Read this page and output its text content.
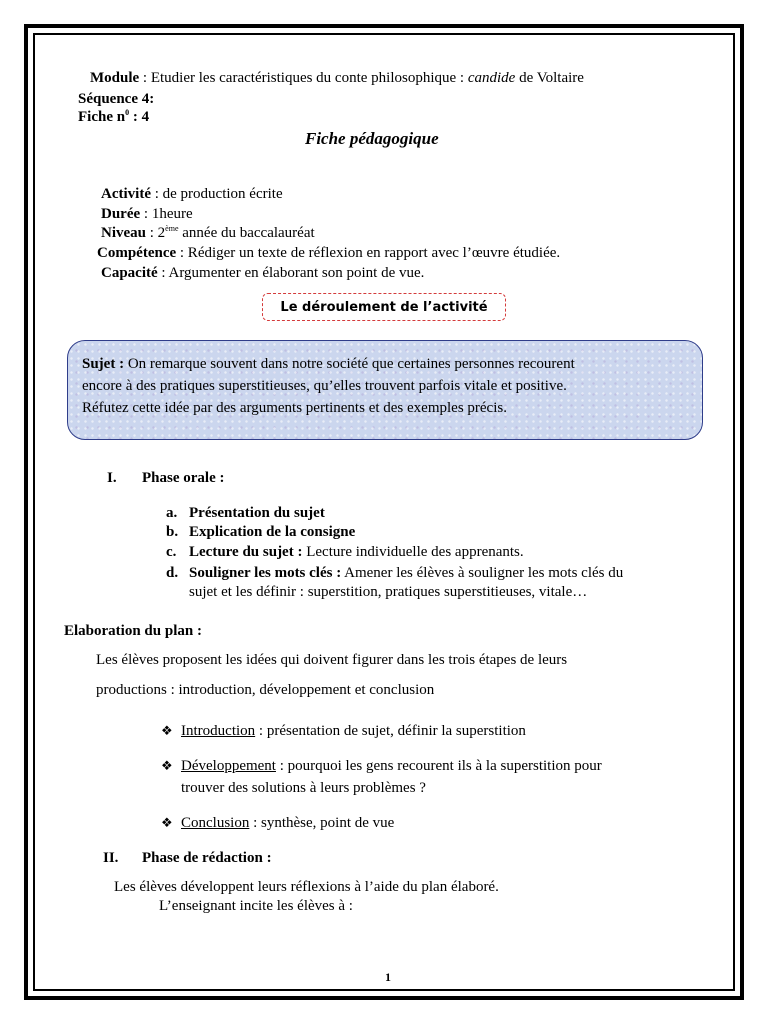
Module : Etudier les caractéristiques du conte philosophique : candide de Voltaire
Séquence 4:
Fiche $n^0$ : 4
Fiche pédagogique
Activité : de production écrite
Durée : 1heure
Niveau : 2ème année du baccalauréat
Compétence : Rédiger un texte de réflexion en rapport avec l’œuvre étudiée.
Capacité : Argumenter en élaborant son point de vue.
Le déroulement de l’activité
Sujet : On remarque souvent dans notre société que certaines personnes recourent
encore à des pratiques superstitieuses, qu’elles trouvent parfois vitale et positive.
Réfutez cette idée par des arguments pertinents et des exemples précis.
I. Phase orale :
a. Présentation du sujet
b. Explication de la consigne
c. Lecture du sujet : Lecture individuelle des apprenants.
d. Souligner les mots clés : Amener les élèves à souligner les mots clés du
sujet et les définir : superstition, pratiques superstitieuses, vitale…
Elaboration du plan :
Les élèves proposent les idées qui doivent figurer dans les trois étapes de leurs
productions : introduction, développement et conclusion
❖ Introduction : présentation de sujet, définir la superstition
❖ Développement : pourquoi les gens recourent ils à la superstition pour
trouver des solutions à leurs problèmes ?
❖ Conclusion : synthèse, point de vue
II. Phase de rédaction :
Les élèves développent leurs réflexions à l’aide du plan élaboré.
L’enseignant incite les élèves à :
1
